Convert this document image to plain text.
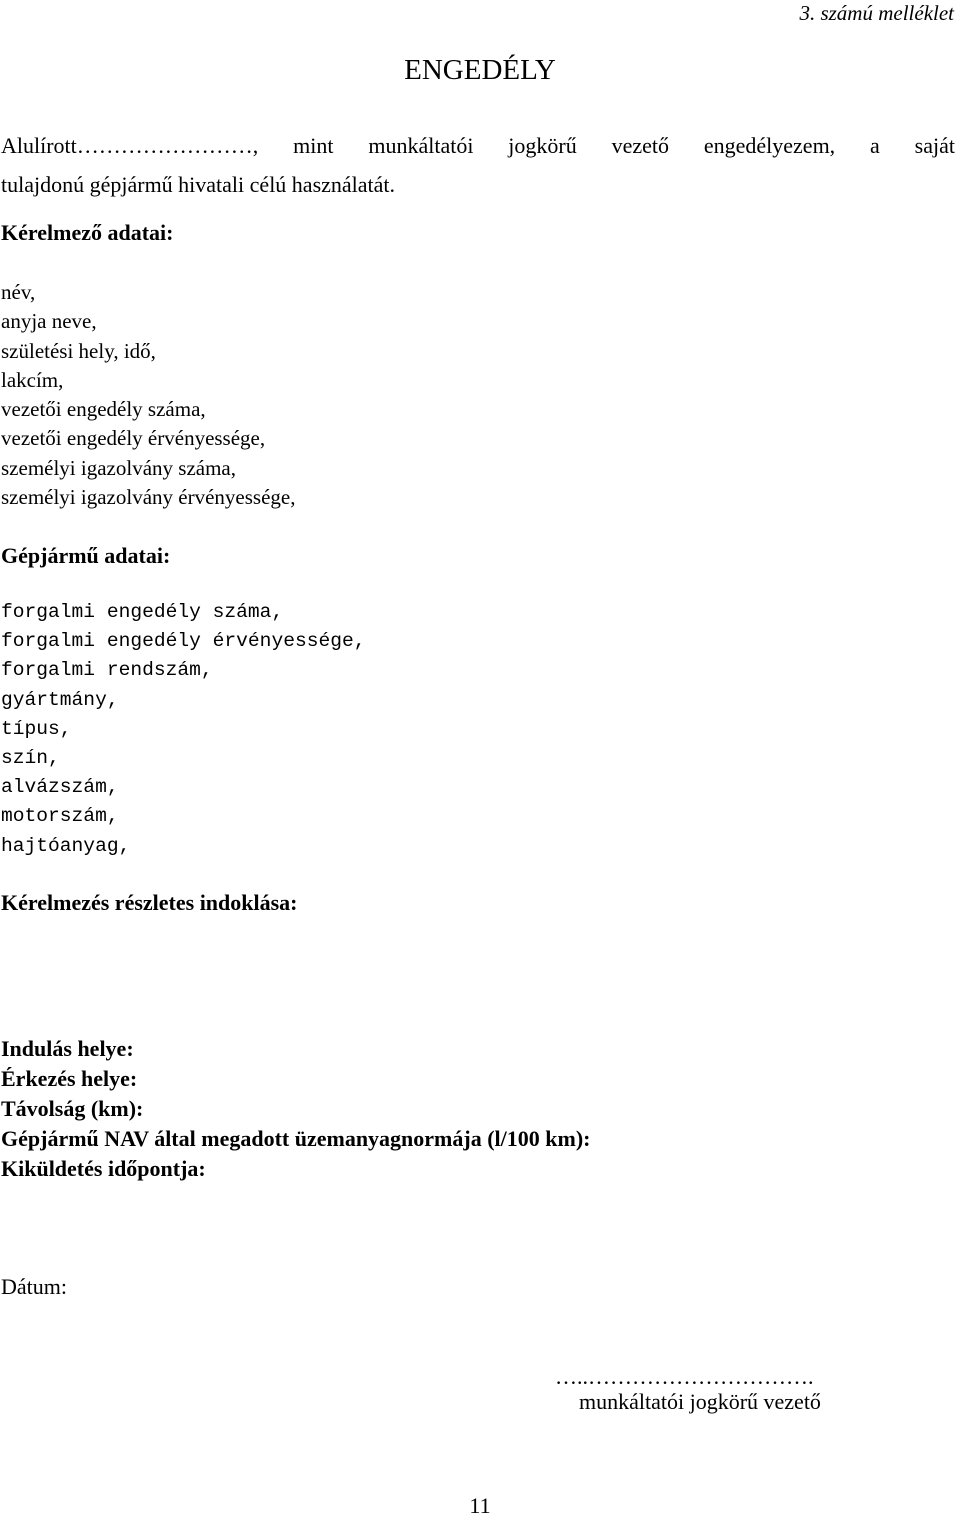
3. számú melléklet
ENGEDÉLY
Alulírott……………………, mint munkáltatói jogkörű vezető engedélyezem, a saját
tulajdonú gépjármű hivatali célú használatát.
Kérelmező adatai:
név,
anyja neve,
születési hely, idő,
lakcím,
vezetői engedély száma,
vezetői engedély érvényessége,
személyi igazolvány száma,
személyi igazolvány érvényessége,
Gépjármű adatai:
forgalmi engedély száma,
forgalmi engedély érvényessége,
forgalmi rendszám,
gyártmány,
típus,
szín,
alvázszám,
motorszám,
hajtóanyag,
Kérelmezés részletes indoklása:
Indulás helye:
Érkezés helye:
Távolság (km):
Gépjármű NAV által megadott üzemanyagnormája (l/100 km):
Kiküldetés időpontja:
Dátum:
…..………………………….
munkáltatói jogkörű vezető
11
